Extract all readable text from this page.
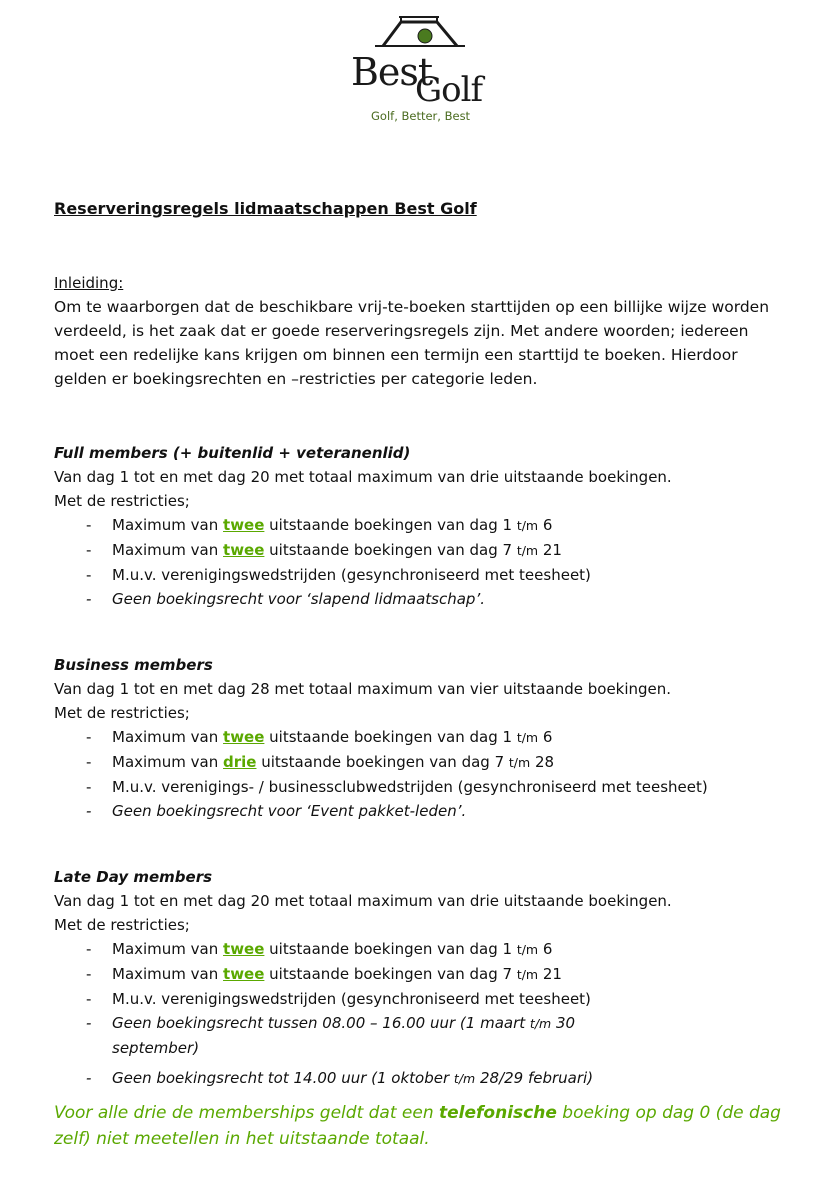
Best
Golf
Golf, Better, Best
Reserveringsregels lidmaatschappen Best Golf
Inleiding:
Om te waarborgen dat de beschikbare vrij-te-boeken starttijden op een billijke wijze worden verdeeld, is het zaak dat er goede reserveringsregels zijn. Met andere woorden; iedereen moet een redelijke kans krijgen om binnen een termijn een starttijd te boeken. Hierdoor gelden er boekingsrechten en –restricties per categorie leden.
Full members (+ buitenlid + veteranenlid)
Van dag 1 tot en met dag 20 met totaal maximum van drie uitstaande boekingen.
Met de restricties;
- Maximum van twee uitstaande boekingen van dag 1 t/m 6
- Maximum van twee uitstaande boekingen van dag 7 t/m 21
- M.u.v. verenigingswedstrijden (gesynchroniseerd met teesheet)
- Geen boekingsrecht voor ‘slapend lidmaatschap’.
Business members
Van dag 1 tot en met dag 28 met totaal maximum van vier uitstaande boekingen.
Met de restricties;
- Maximum van twee uitstaande boekingen van dag 1 t/m 6
- Maximum van drie uitstaande boekingen van dag 7 t/m 28
- M.u.v. verenigings- / businessclubwedstrijden (gesynchroniseerd met teesheet)
- Geen boekingsrecht voor ‘Event pakket-leden’.
Late Day members
Van dag 1 tot en met dag 20 met totaal maximum van drie uitstaande boekingen.
Met de restricties;
- Maximum van twee uitstaande boekingen van dag 1 t/m 6
- Maximum van twee uitstaande boekingen van dag 7 t/m 21
- M.u.v. verenigingswedstrijden (gesynchroniseerd met teesheet)
- Geen boekingsrecht tussen 08.00 – 16.00 uur (1 maart t/m 30
september)
- Geen boekingsrecht tot 14.00 uur (1 oktober t/m 28/29 februari)
Voor alle drie de memberships geldt dat een telefonische boeking op dag 0 (de dag zelf) niet meetellen in het uitstaande totaal.
